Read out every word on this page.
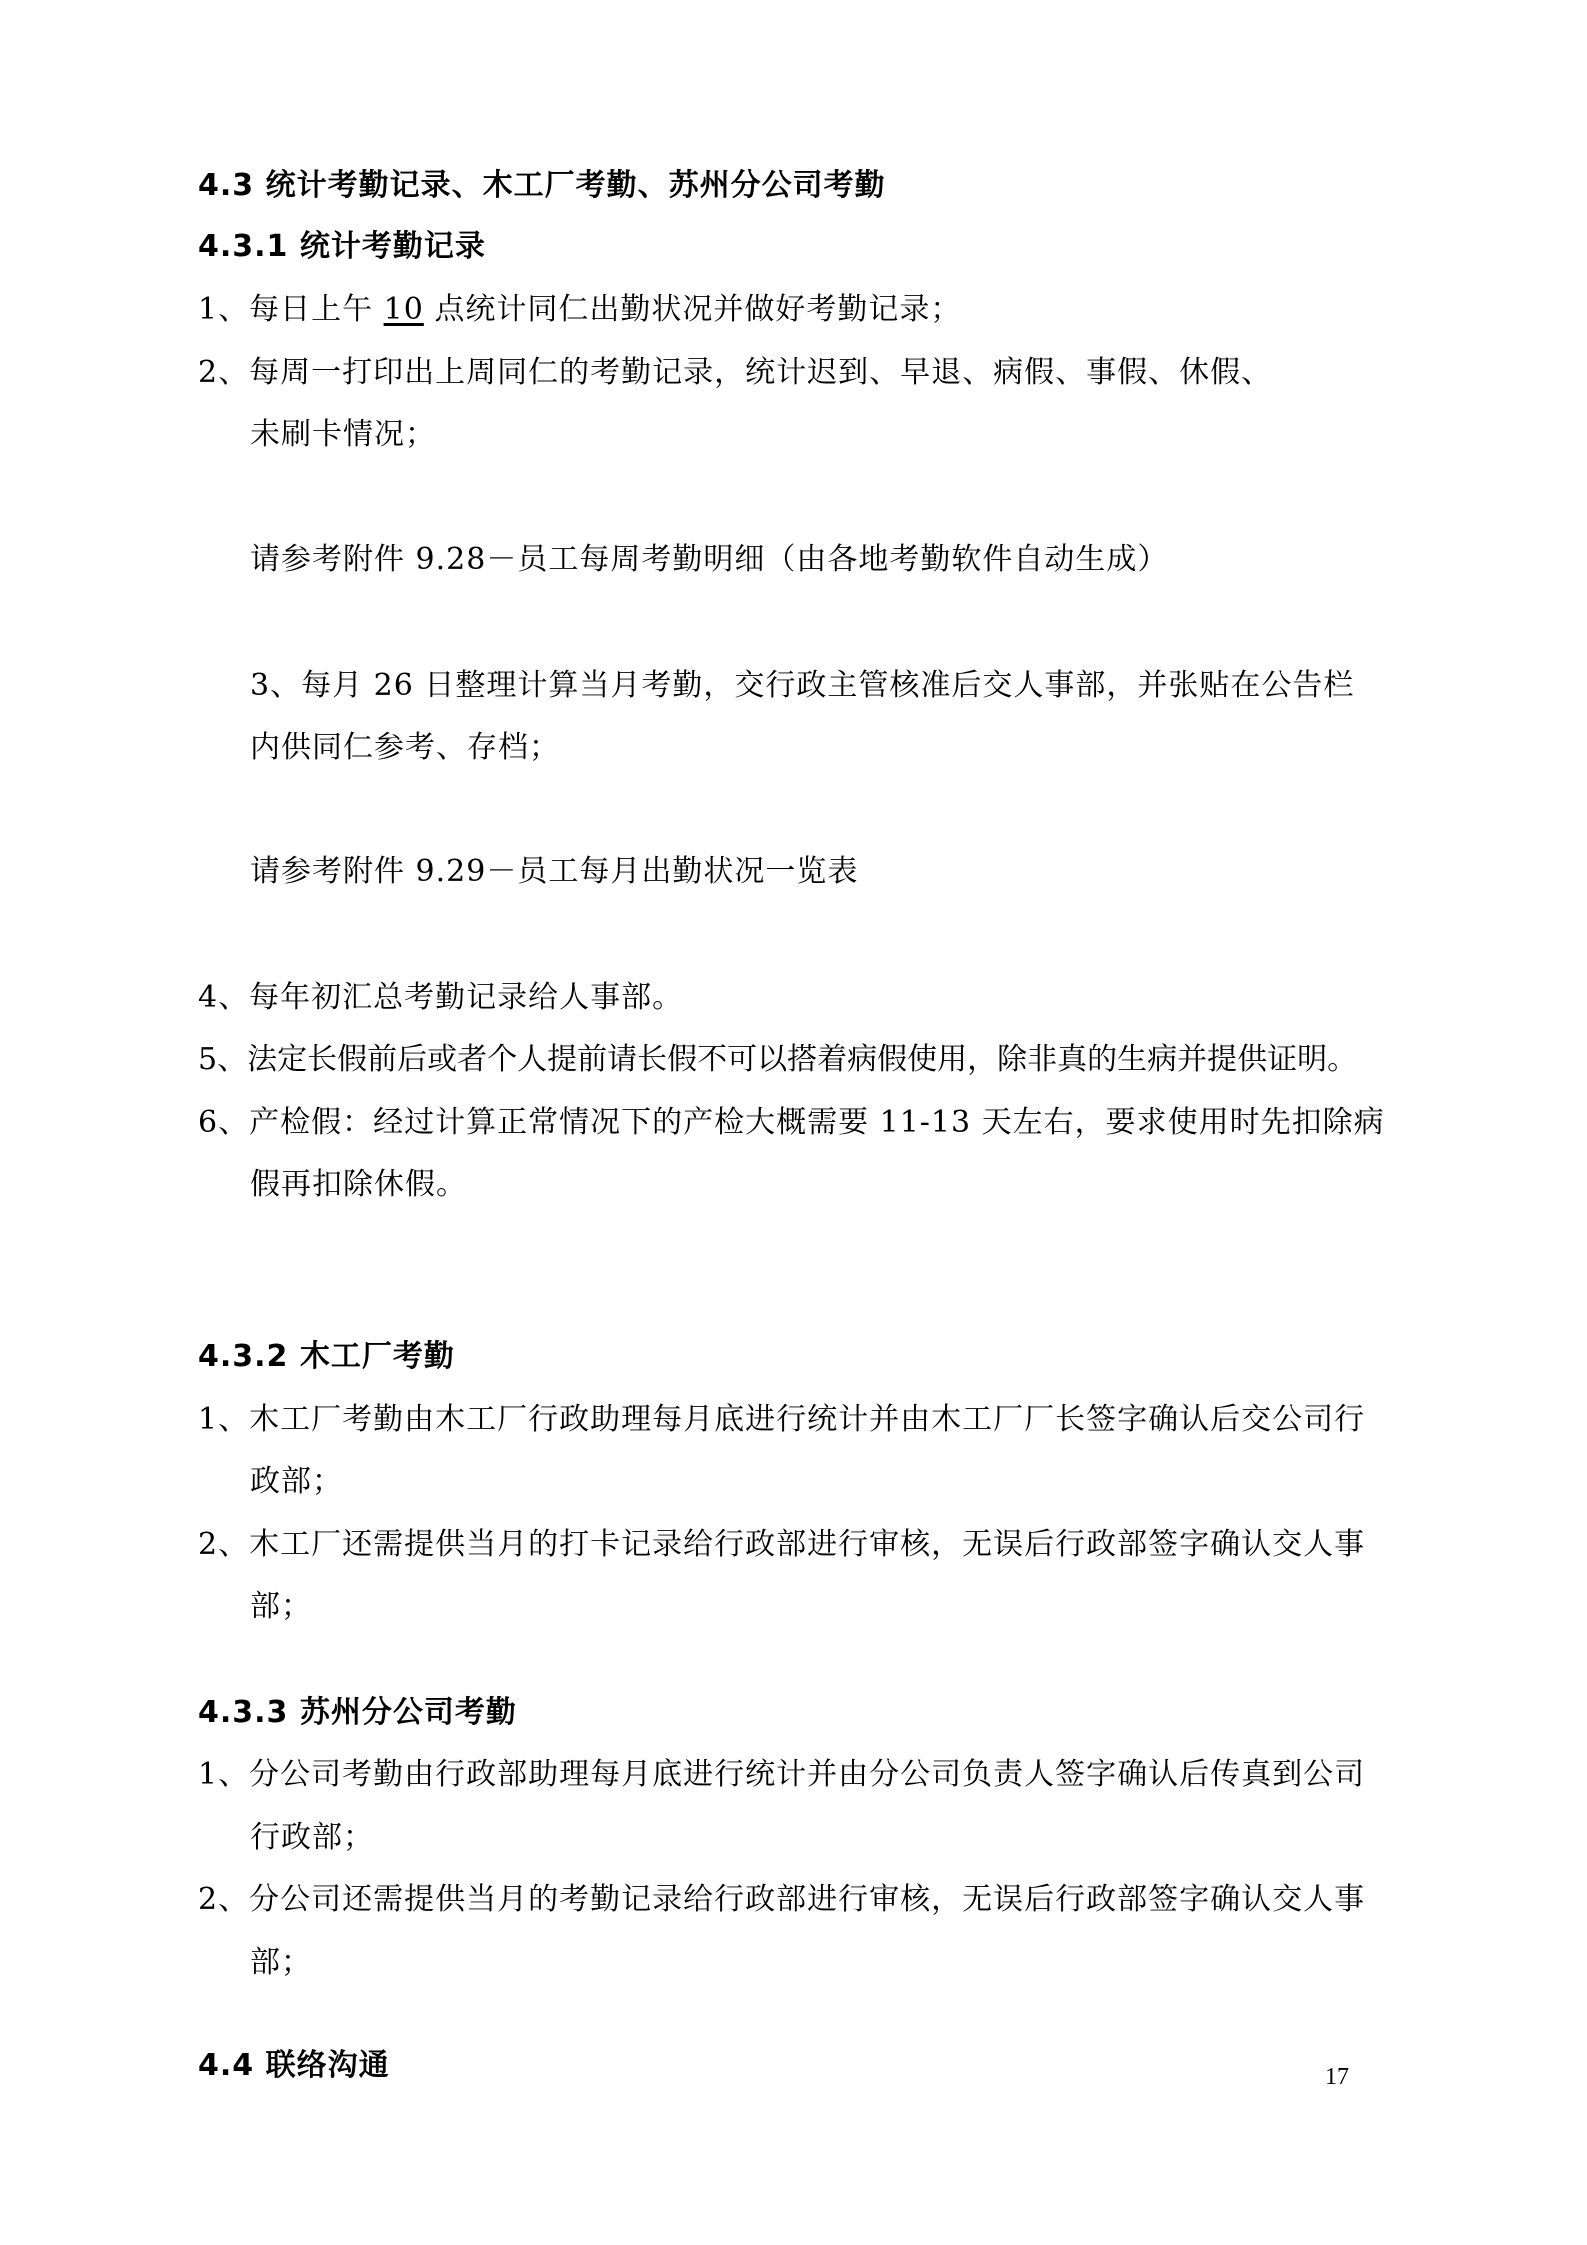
4.3 统计考勤记录、木工厂考勤、苏州分公司考勤
4.3.1 统计考勤记录
1、每日上午 10 点统计同仁出勤状况并做好考勤记录；
2、每周一打印出上周同仁的考勤记录，统计迟到、早退、病假、事假、休假、
未刷卡情况；
请参考附件 9.28－员工每周考勤明细（由各地考勤软件自动生成）
3、每月 26 日整理计算当月考勤，交行政主管核准后交人事部，并张贴在公告栏
内供同仁参考、存档；
请参考附件 9.29－员工每月出勤状况一览表
4、每年初汇总考勤记录给人事部。
5、法定长假前后或者个人提前请长假不可以搭着病假使用，除非真的生病并提供证明。
6、产检假：经过计算正常情况下的产检大概需要 11-13 天左右，要求使用时先扣除病
假再扣除休假。
4.3.2 木工厂考勤
1、木工厂考勤由木工厂行政助理每月底进行统计并由木工厂厂长签字确认后交公司行
政部；
2、木工厂还需提供当月的打卡记录给行政部进行审核，无误后行政部签字确认交人事
部；
4.3.3 苏州分公司考勤
1、分公司考勤由行政部助理每月底进行统计并由分公司负责人签字确认后传真到公司
行政部；
2、分公司还需提供当月的考勤记录给行政部进行审核，无误后行政部签字确认交人事
部；
4.4 联络沟通	17
